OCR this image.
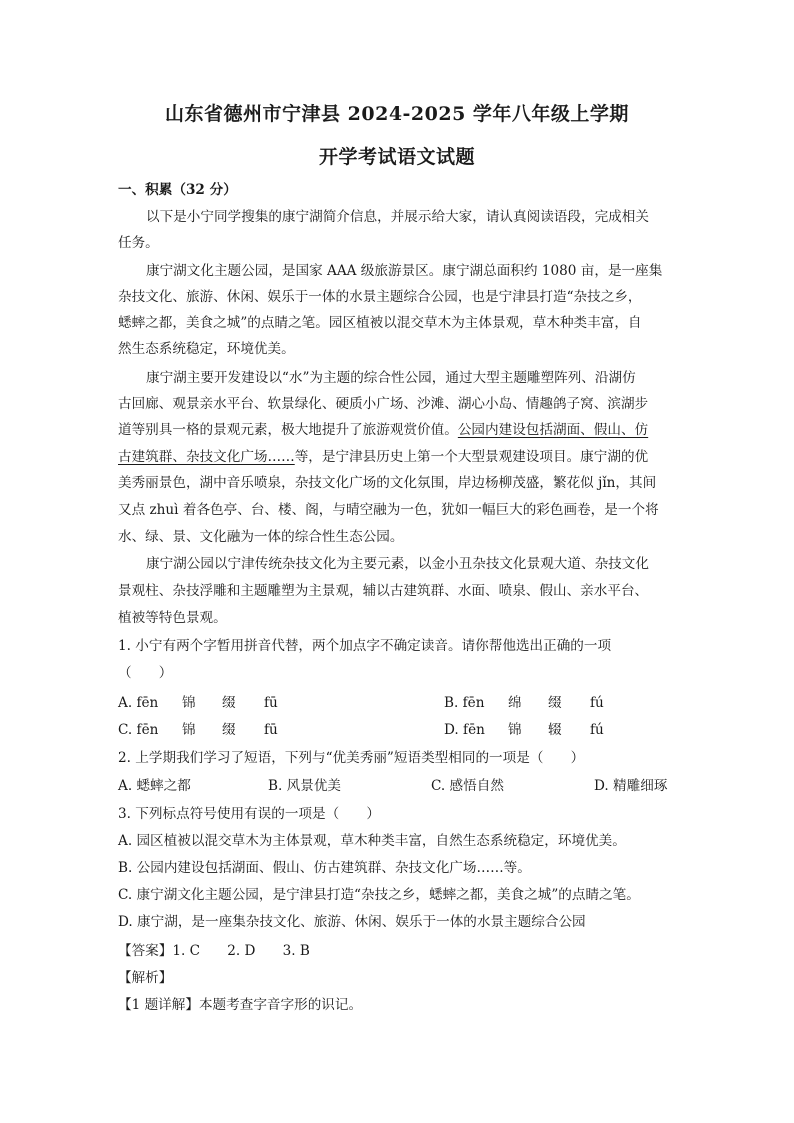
山东省德州市宁津县 2024-2025 学年八年级上学期
开学考试语文试题
一、积累（32 分）
以下是小宁同学搜集的康宁湖简介信息，并展示给大家，请认真阅读语段，完成相关
任务。
康宁湖文化主题公园，是国家 AAA 级旅游景区。康宁湖总面积约 1080 亩，是一座集
杂技文化、旅游、休闲、娱乐于一体的水景主题综合公园，也是宁津县打造“杂技之乡，
蟋蟀之都，美食之城”的点睛之笔。园区植被以混交草木为主体景观，草木种类丰富，自
然生态系统稳定，环境优美。
康宁湖主要开发建设以“水”为主题的综合性公园，通过大型主题雕塑阵列、沿湖仿
古回廊、观景亲水平台、软景绿化、硬质小广场、沙滩、湖心小岛、情趣鸽子窝、滨湖步
道等别具一格的景观元素，极大地提升了旅游观赏价值。公园内建设包括湖面、假山、仿
古建筑群、杂技文化广场……等，是宁津县历史上第一个大型景观建设项目。康宁湖的优
美秀丽景色，湖中音乐喷泉，杂技文化广场的文化氛围，岸边杨柳茂盛，繁花似 jǐn，其间
又点 zhuì 着各色亭、台、楼、阁，与晴空融为一色，犹如一幅巨大的彩色画卷，是一个将
水、绿、景、文化融为一体的综合性生态公园。
康宁湖公园以宁津传统杂技文化为主要元素，以金小丑杂技文化景观大道、杂技文化
景观柱、杂技浮雕和主题雕塑为主景观，辅以古建筑群、水面、喷泉、假山、亲水平台、
植被等特色景观。
1. 小宁有两个字暂用拼音代替，两个加点字不确定读音。请你帮他选出正确的一项
（　　）
A. fēn 锦 缀 fū	B. fēn 绵 缀 fú
C. fēn 锦 缀 fū	D. fēn 锦 辍 fú
2. 上学期我们学习了短语，下列与“优美秀丽”短语类型相同的一项是（　　）
A. 蟋蟀之都	B. 风景优美	C. 感悟自然	D. 精雕细琢
3. 下列标点符号使用有误的一项是（　　）
A. 园区植被以混交草木为主体景观，草木种类丰富，自然生态系统稳定，环境优美。
B. 公园内建设包括湖面、假山、仿古建筑群、杂技文化广场……等。
C. 康宁湖文化主题公园，是宁津县打造“杂技之乡，蟋蟀之都，美食之城”的点睛之笔。
D. 康宁湖，是一座集杂技文化、旅游、休闲、娱乐于一体的水景主题综合公园
【答案】1. C　　2. D　　3. B
【解析】
【1 题详解】本题考查字音字形的识记。
